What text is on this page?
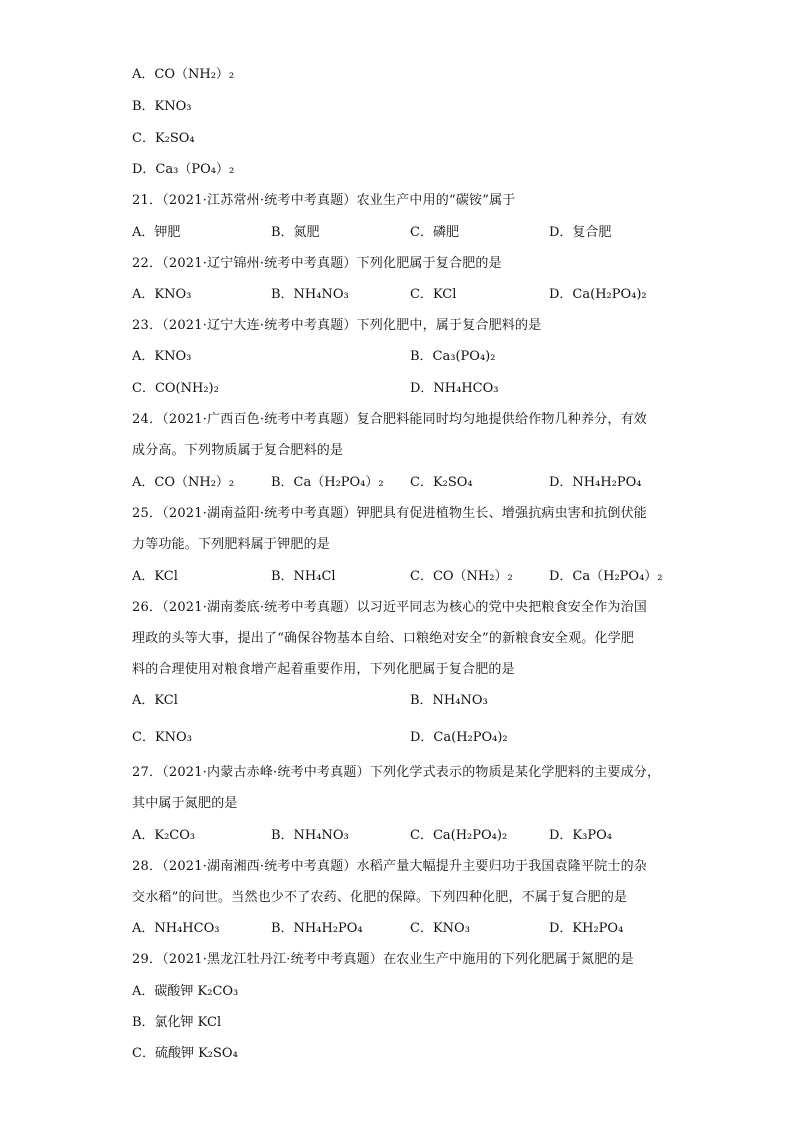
A．CO（NH₂）₂
B．KNO₃
C．K₂SO₄
D．Ca₃（PO₄）₂
21．（2021·江苏常州·统考中考真题）农业生产中用的“碳铵”属于
A．钾肥	B．氮肥	C．磷肥	D．复合肥
22．（2021·辽宁锦州·统考中考真题）下列化肥属于复合肥的是
A．KNO₃	B．NH₄NO₃	C．KCl	D．Ca(H₂PO₄)₂
23．（2021·辽宁大连·统考中考真题）下列化肥中，属于复合肥料的是
A．KNO₃	B．Ca₃(PO₄)₂
C．CO(NH₂)₂	D．NH₄HCO₃
24．（2021·广西百色·统考中考真题）复合肥料能同时均匀地提供给作物几种养分，有效
成分高。下列物质属于复合肥料的是
A．CO（NH₂）₂	B．Ca（H₂PO₄）₂ C．K₂SO₄	D．NH₄H₂PO₄
25．（2021·湖南益阳·统考中考真题）钾肥具有促进植物生长、增强抗病虫害和抗倒伏能
力等功能。下列肥料属于钾肥的是
A．KCl	B．NH₄Cl	C．CO（NH₂）₂	D．Ca（H₂PO₄）₂
26．（2021·湖南娄底·统考中考真题）以习近平同志为核心的党中央把粮食安全作为治国
理政的头等大事，提出了“确保谷物基本自给、口粮绝对安全”的新粮食安全观。化学肥
料的合理使用对粮食增产起着重要作用，下列化肥属于复合肥的是
A．KCl	B．NH₄NO₃
C．KNO₃	D．Ca(H₂PO₄)₂
27．（2021·内蒙古赤峰·统考中考真题）下列化学式表示的物质是某化学肥料的主要成分，
其中属于氮肥的是
A．K₂CO₃	B．NH₄NO₃	C．Ca(H₂PO₄)₂	D．K₃PO₄
28．（2021·湖南湘西·统考中考真题）水稻产量大幅提升主要归功于我国袁隆平院士的杂
交水稻”的问世。当然也少不了农药、化肥的保障。下列四种化肥，不属于复合肥的是
A．NH₄HCO₃	B．NH₄H₂PO₄	C．KNO₃	D．KH₂PO₄
29．（2021·黑龙江牡丹江·统考中考真题）在农业生产中施用的下列化肥属于氮肥的是
A．碳酸钾 K₂CO₃
B．氯化钾 KCl
C．硫酸钾 K₂SO₄
